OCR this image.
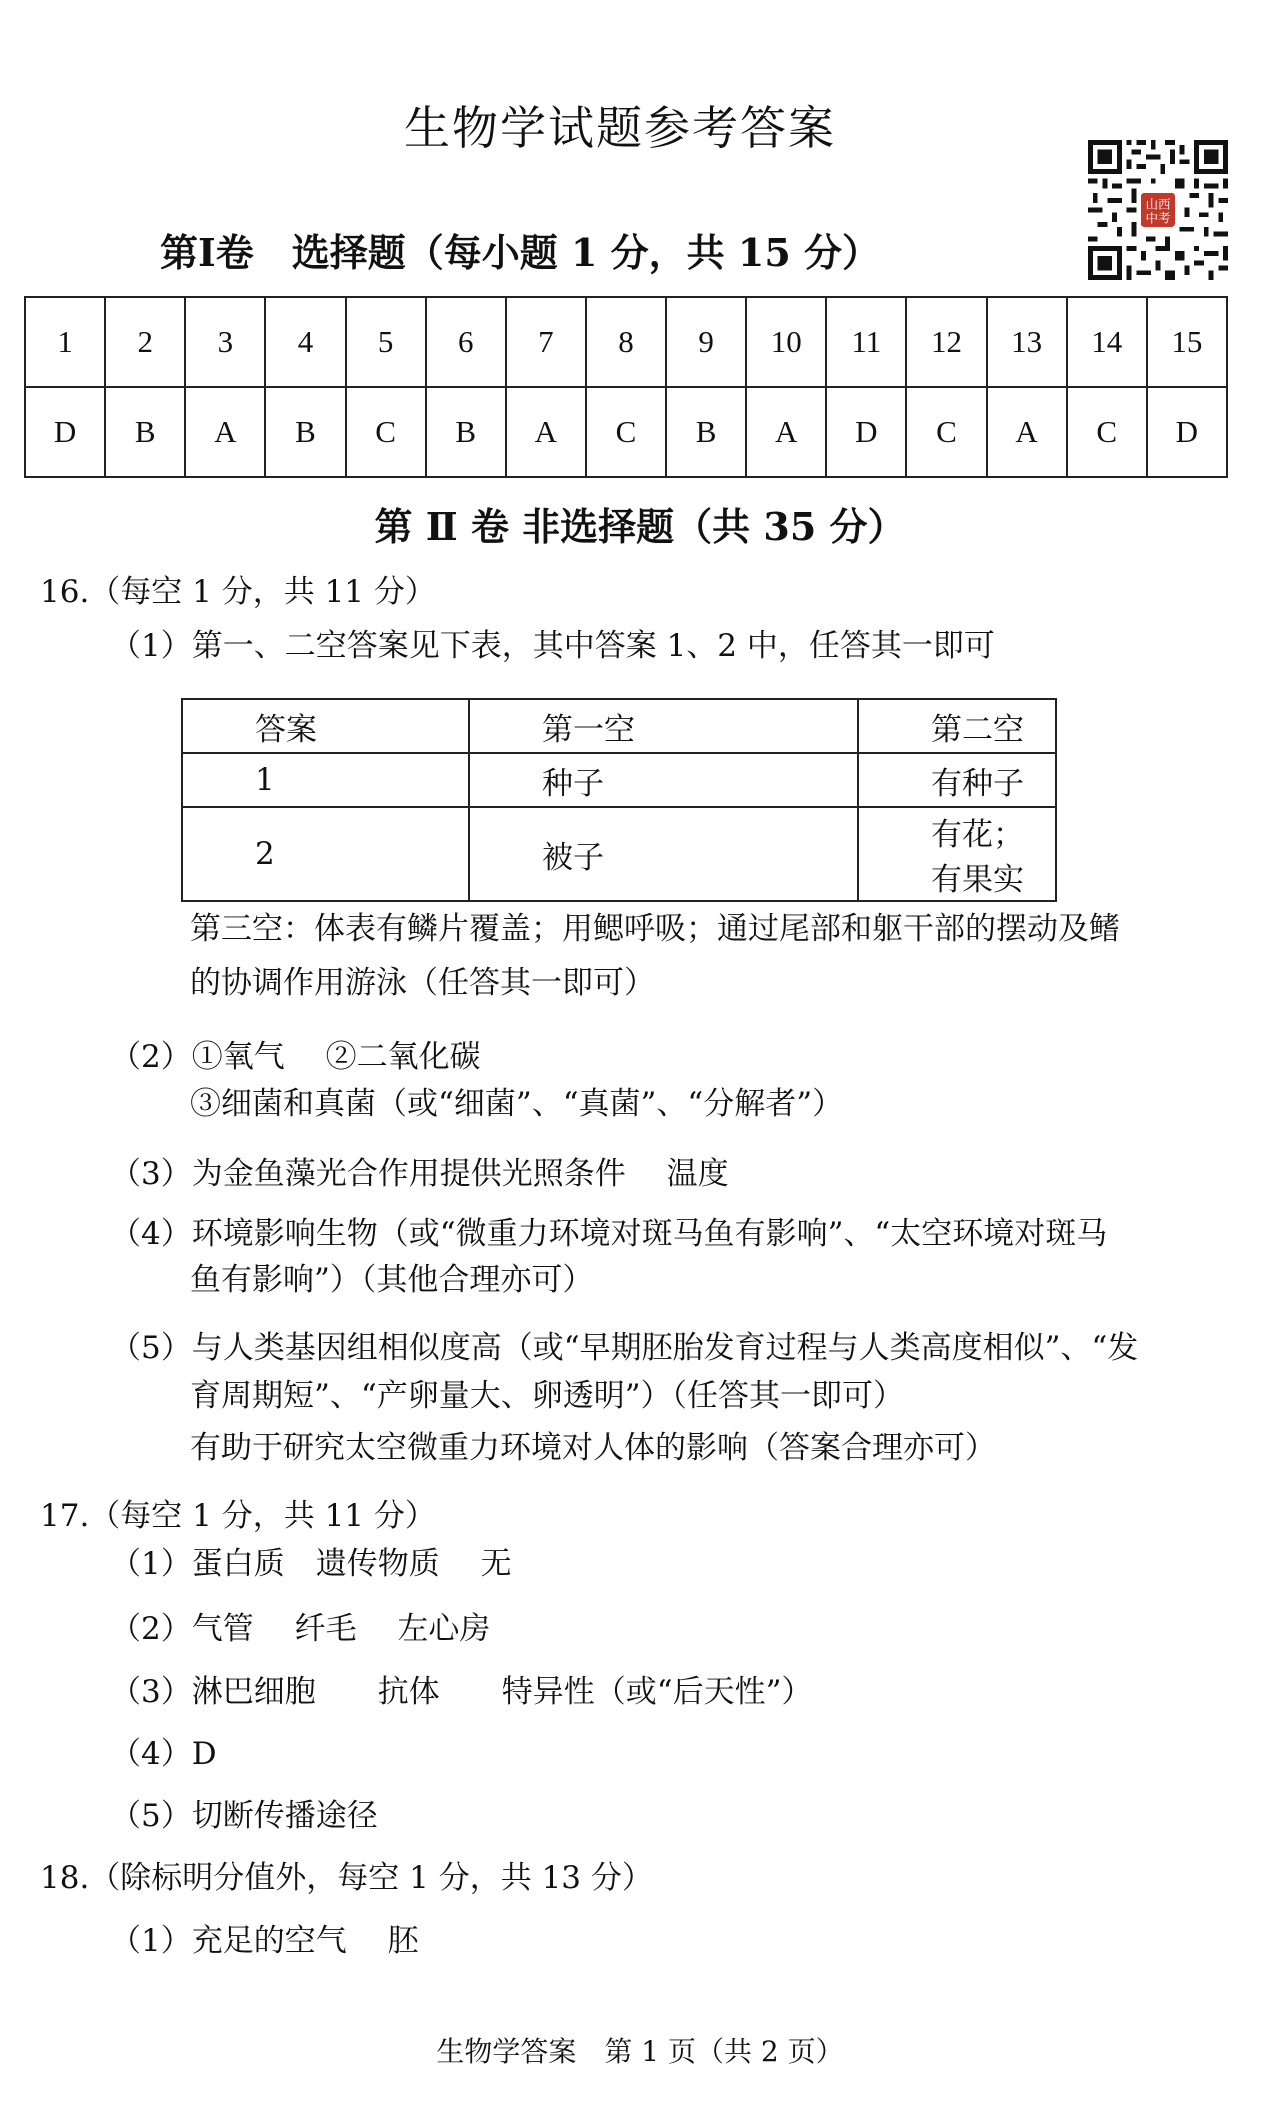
生物学试题参考答案
山西
中考
第Ⅰ卷　选择题（每小题 1 分，共 15 分）
1	2	3	4	5	6	7	8	9	10	11	12	13	14	15
D	B	A	B	C	B	A	C	B	A	D	C	A	C	D
第 Ⅱ 卷 非选择题（共 35 分）
16.（每空 1 分，共 11 分）
（1）第一、二空答案见下表，其中答案 1、2 中，任答其一即可
答案	第一空	第二空
1	种子	有种子
2	被子	有花；有果实
第三空：体表有鳞片覆盖；用鳃呼吸；通过尾部和躯干部的摆动及鳍
的协调作用游泳（任答其一即可）
（2）①氧气　 ②二氧化碳
③细菌和真菌（或“细菌”、“真菌”、“分解者”）
（3）为金鱼藻光合作用提供光照条件　 温度
（4）环境影响生物（或“微重力环境对斑马鱼有影响”、“太空环境对斑马
鱼有影响”）（其他合理亦可）
（5）与人类基因组相似度高（或“早期胚胎发育过程与人类高度相似”、“发
育周期短”、“产卵量大、卵透明”）（任答其一即可）
有助于研究太空微重力环境对人体的影响（答案合理亦可）
17.（每空 1 分，共 11 分）
（1）蛋白质　遗传物质　 无
（2）气管　 纤毛　 左心房
（3）淋巴细胞　　抗体　　特异性（或“后天性”）
（4）D
（5）切断传播途径
18.（除标明分值外，每空 1 分，共 13 分）
（1）充足的空气　 胚
生物学答案　第 1 页（共 2 页）
